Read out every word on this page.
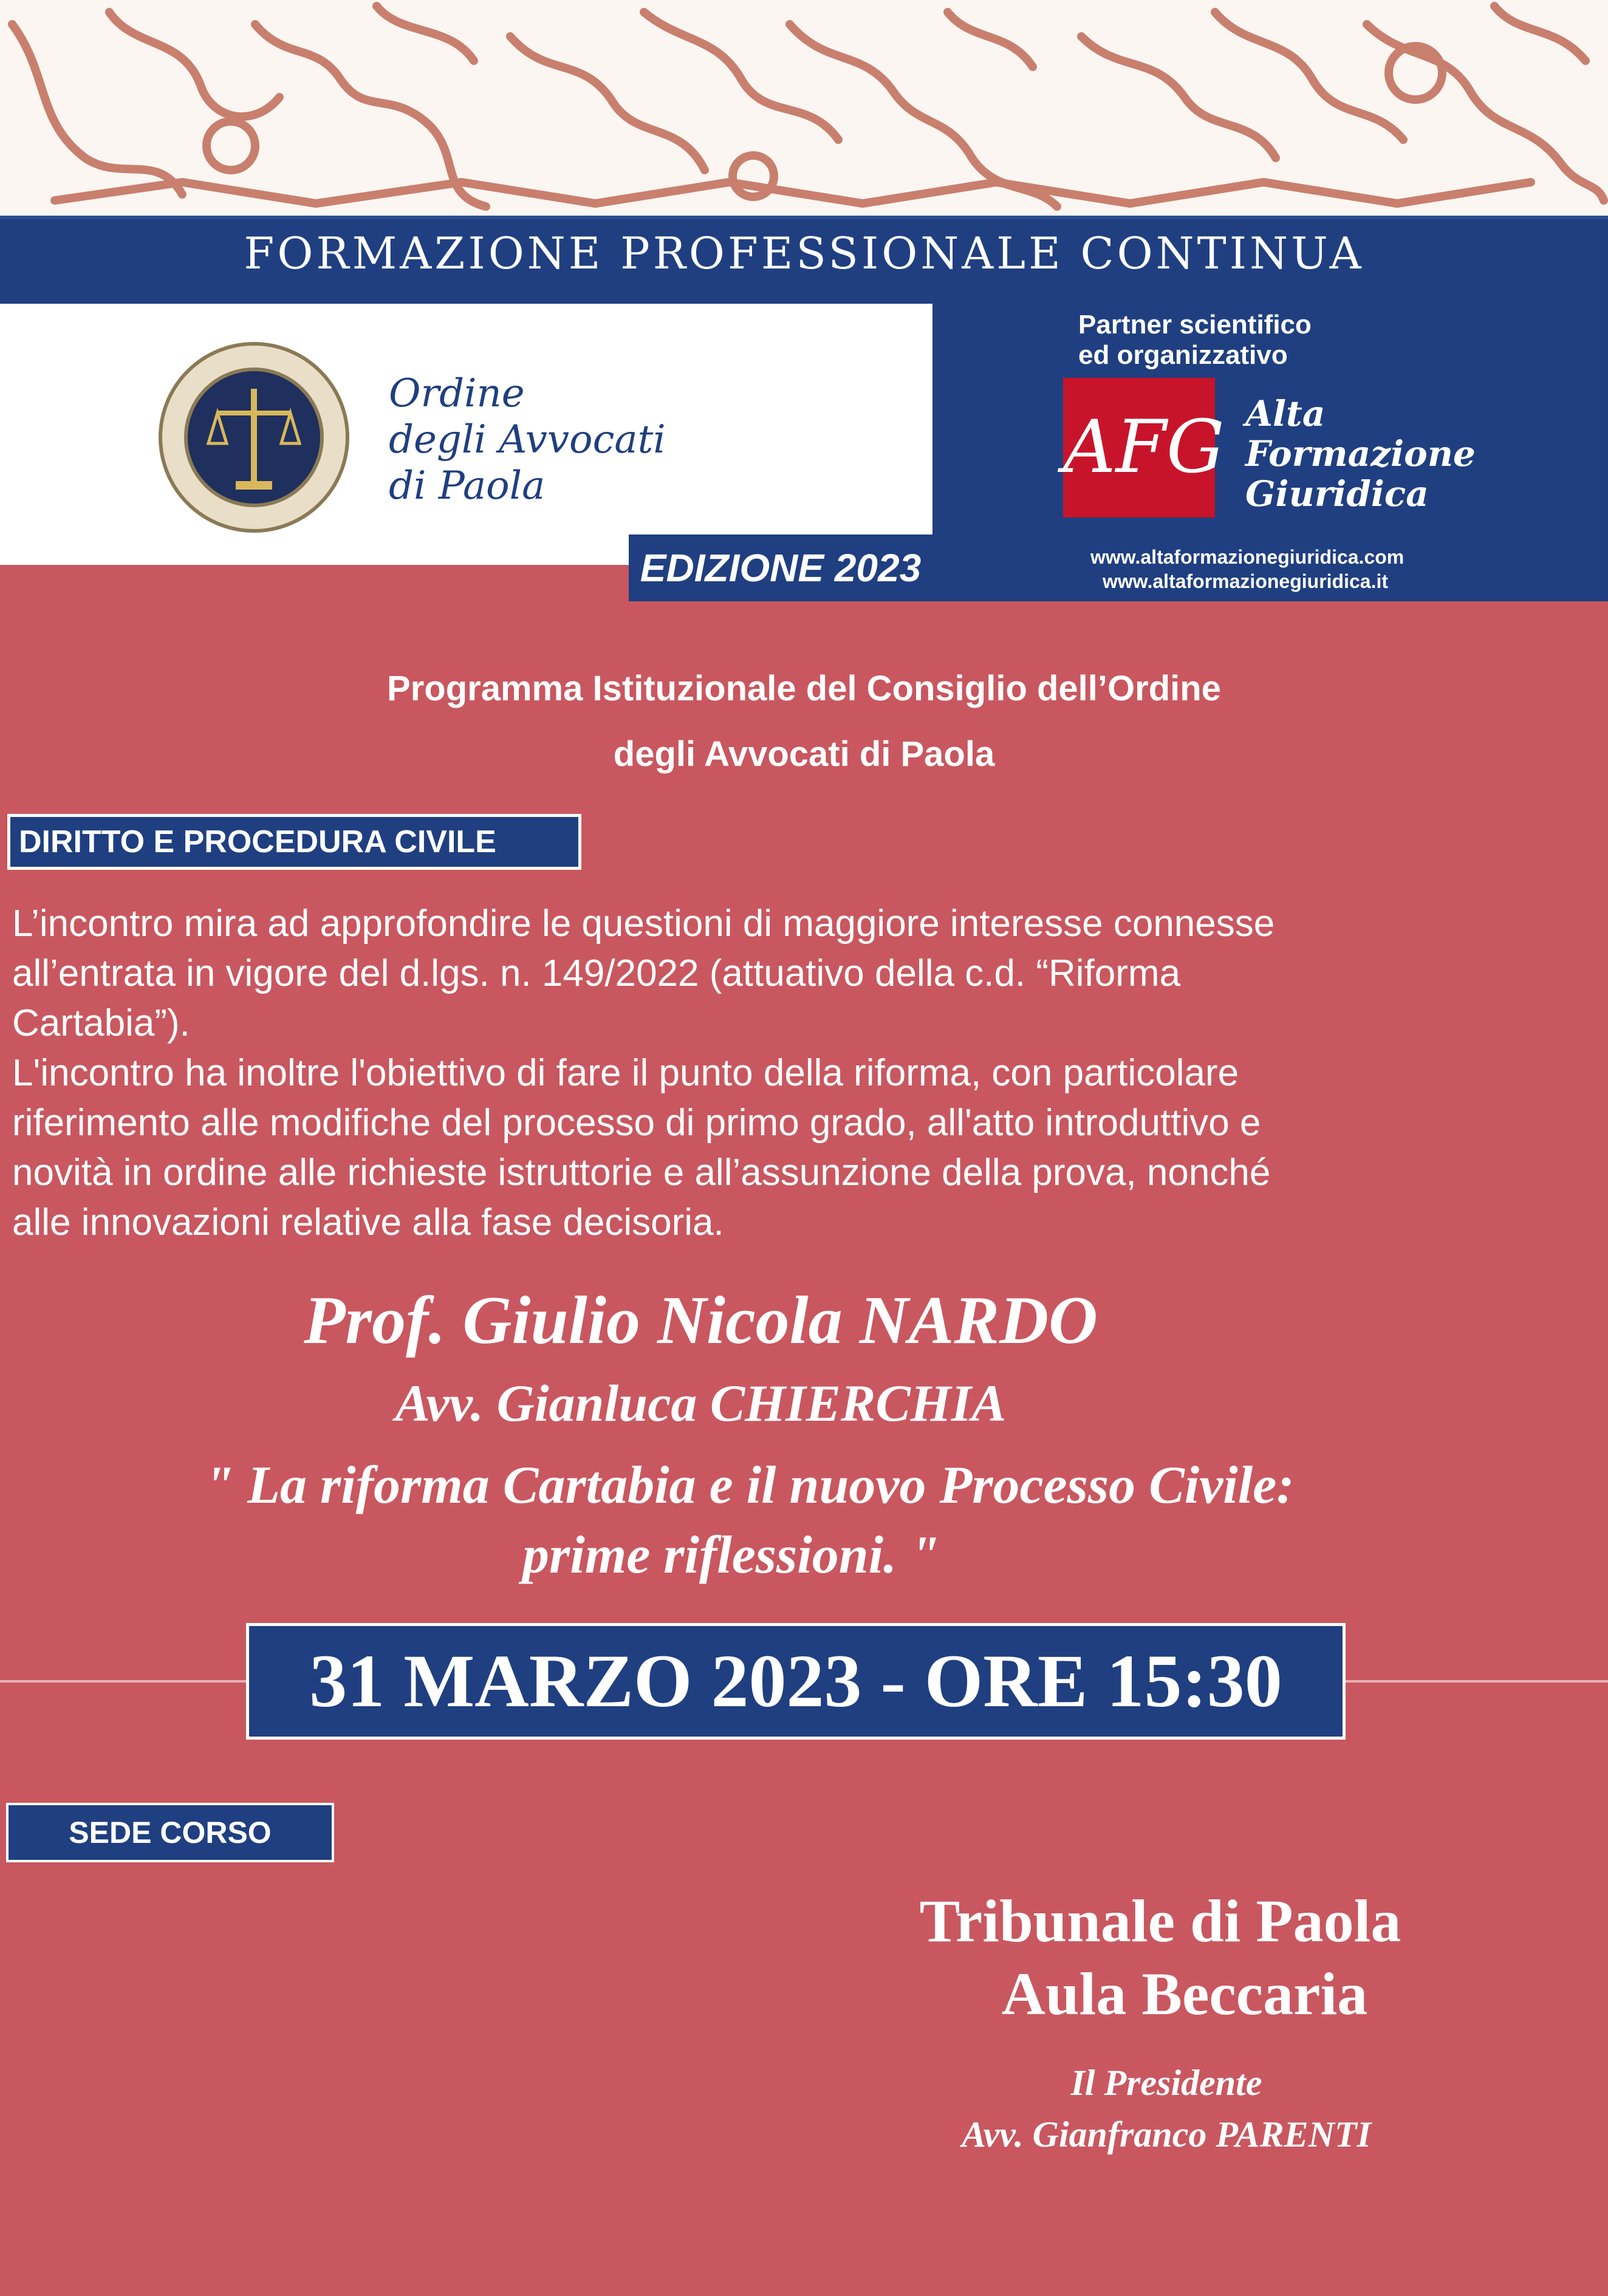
FORMAZIONE PROFESSIONALE CONTINUA
Ordine
degli Avvocati
di Paola
Partner scientifico
ed organizzativo
AFG Alta
Formazione
Giuridica
www.altaformazionegiuridica.com
www.altaformazionegiuridica.it
EDIZIONE 2023
Programma Istituzionale del Consiglio dell’Ordine
degli Avvocati di Paola
DIRITTO E PROCEDURA CIVILE
L’incontro mira ad approfondire le questioni di maggiore interesse connesse
all’entrata in vigore del d.lgs. n. 149/2022 (attuativo della c.d. “Riforma
Cartabia”).
L'incontro ha inoltre l'obiettivo di fare il punto della riforma, con particolare
riferimento alle modifiche del processo di primo grado, all'atto introduttivo e
novità in ordine alle richieste istruttorie e all’assunzione della prova, nonché
alle innovazioni relative alla fase decisoria.
Prof. Giulio Nicola NARDO
Avv. Gianluca CHIERCHIA
" La riforma Cartabia e il nuovo Processo Civile:
prime riflessioni. "
31 MARZO 2023 - ORE 15:30
SEDE CORSO
Tribunale di Paola
Aula Beccaria
Il Presidente
Avv. Gianfranco PARENTI
